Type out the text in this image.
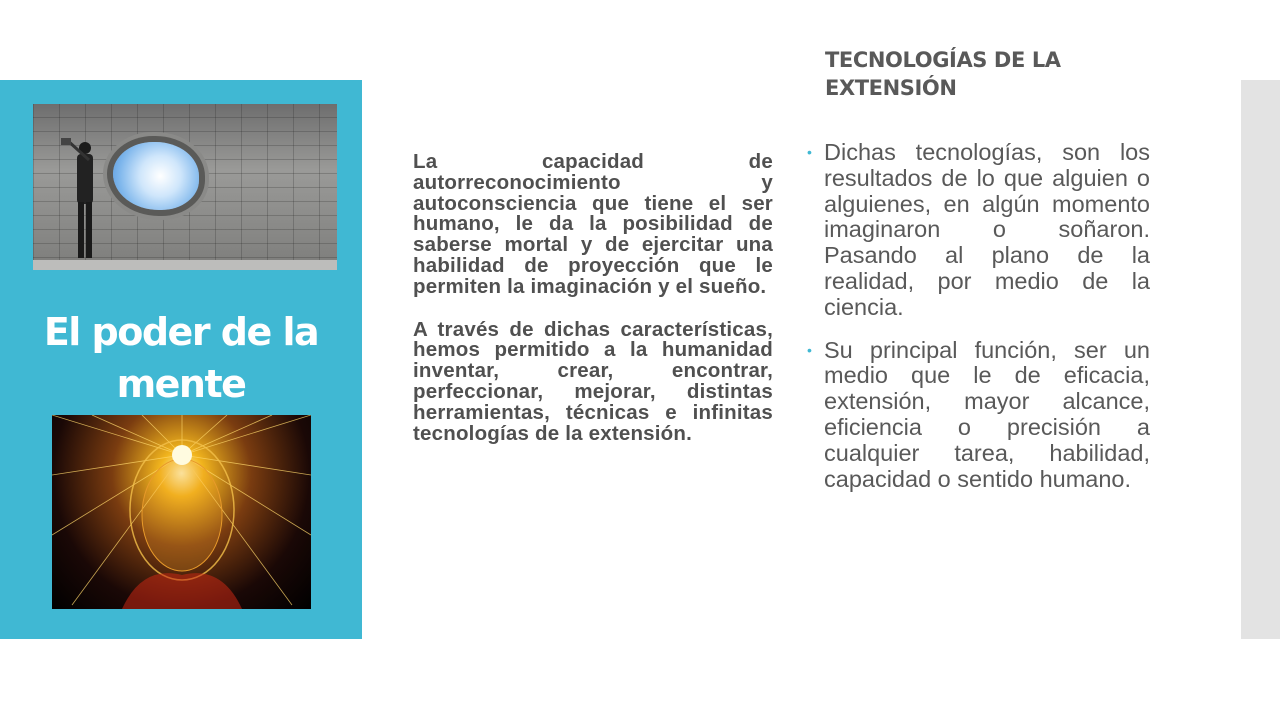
El poder de la mente

La capacidad de autorreconocimiento y autoconsciencia que tiene el ser humano, le da la posibilidad de saberse mortal y de ejercitar una habilidad de proyección que le permiten la imaginación y el sueño.

A través de dichas características, hemos permitido a la humanidad inventar, crear, encontrar, perfeccionar, mejorar, distintas herramientas, técnicas e infinitas tecnologías de la extensión.

TECNOLOGÍAS DE LA EXTENSIÓN
• Dichas tecnologías, son los resultados de lo que alguien o alguienes, en algún momento imaginaron o soñaron. Pasando al plano de la realidad, por medio de la ciencia.
• Su principal función, ser un medio que le de eficacia, extensión, mayor alcance, eficiencia o precisión a cualquier tarea, habilidad, capacidad o sentido humano.
